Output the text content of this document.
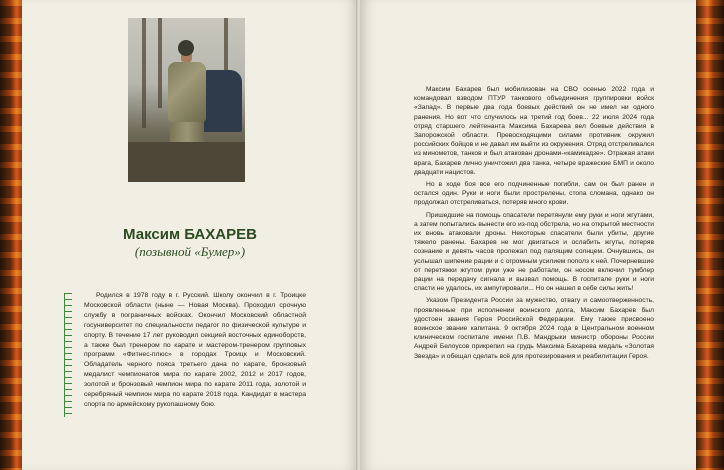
Максим БАХАРЕВ
(позывной «Бумер»)

Родился в 1978 году в г. Русский. Школу окончил в г. Троицке Московской области (ныне — Новая Москва). Проходил срочную службу в пограничных войсках. Окончил Московский областной госуниверситет по специальности педагог по физической культуре и спорту. В течение 17 лет руководил секцией восточных единоборств, а также был тренером по карате и мастером-тренером групповых программ «Фитнес-плюс» в городах Троицк и Московский. Обладатель черного пояса третьего дана по карате, бронзовый медалист чемпионатов мира по карате 2002, 2012 и 2017 годов, золотой и бронзовый чемпион мира по карате 2011 года, золотой и серебряный чемпион мира по карате 2018 года. Кандидат в мастера спорта по армейскому рукопашному бою.

Максим Бахарев был мобилизован на СВО осенью 2022 года и командовал взводом ПТУР танкового объединения группировки войск «Запад». В первые два года боевых действий он не имел ни одного ранения. Но вот что случилось на третий год боев... 22 июля 2024 года отряд старшего лейтенанта Максима Бахарева вел боевые действия в Запорожской области. Превосходящими силами противник окружил российских бойцов и не давал им выйти из окружения. Отряд отстреливался из минометов, танков и был атакован дронами-«камикадзе». Отражая атаки врага, Бахарев лично уничтожил два танка, четыре вражеские БМП и около двадцати нацистов.

Но в ходе боя все его подчиненные погибли, сам он был ранен и остался один. Руки и ноги были прострелены, стопа сломана, однако он продолжал отстреливаться, потеряв много крови.

Пришедшие на помощь спасатели перетянули ему руки и ноги жгутами, а затем попытались вынести его из-под обстрела, но на открытой местности их вновь атаковали дроны. Некоторые спасатели были убиты, другие тяжело ранены. Бахарев не мог двигаться и ослабить жгуты, потеряв сознание и девять часов пролежал под палящим солнцем. Очнувшись, он услышал шипение рации и с огромным усилием пополз к ней. Почерневшие от перетяжки жгутом руки уже не работали, он носом включил тумблер рации на передачу сигнала и вызвал помощь. В госпитале руки и ноги спасти не удалось, их ампутировали... Но он нашел в себе силы жить!

Указом Президента России за мужество, отвагу и самоотверженность, проявленные при исполнении воинского долга, Максим Бахарев был удостоен звания Героя Российской Федерации. Ему также присвоено воинское звание капитана. 9 октября 2024 года в Центральном военном клиническом госпитале имени П.В. Мандрыки министр обороны России Андрей Белоусов прикрепил на грудь Максима Бахарева медаль «Золотая Звезда» и обещал сделать всё для протезирования и реабилитации Героя.
